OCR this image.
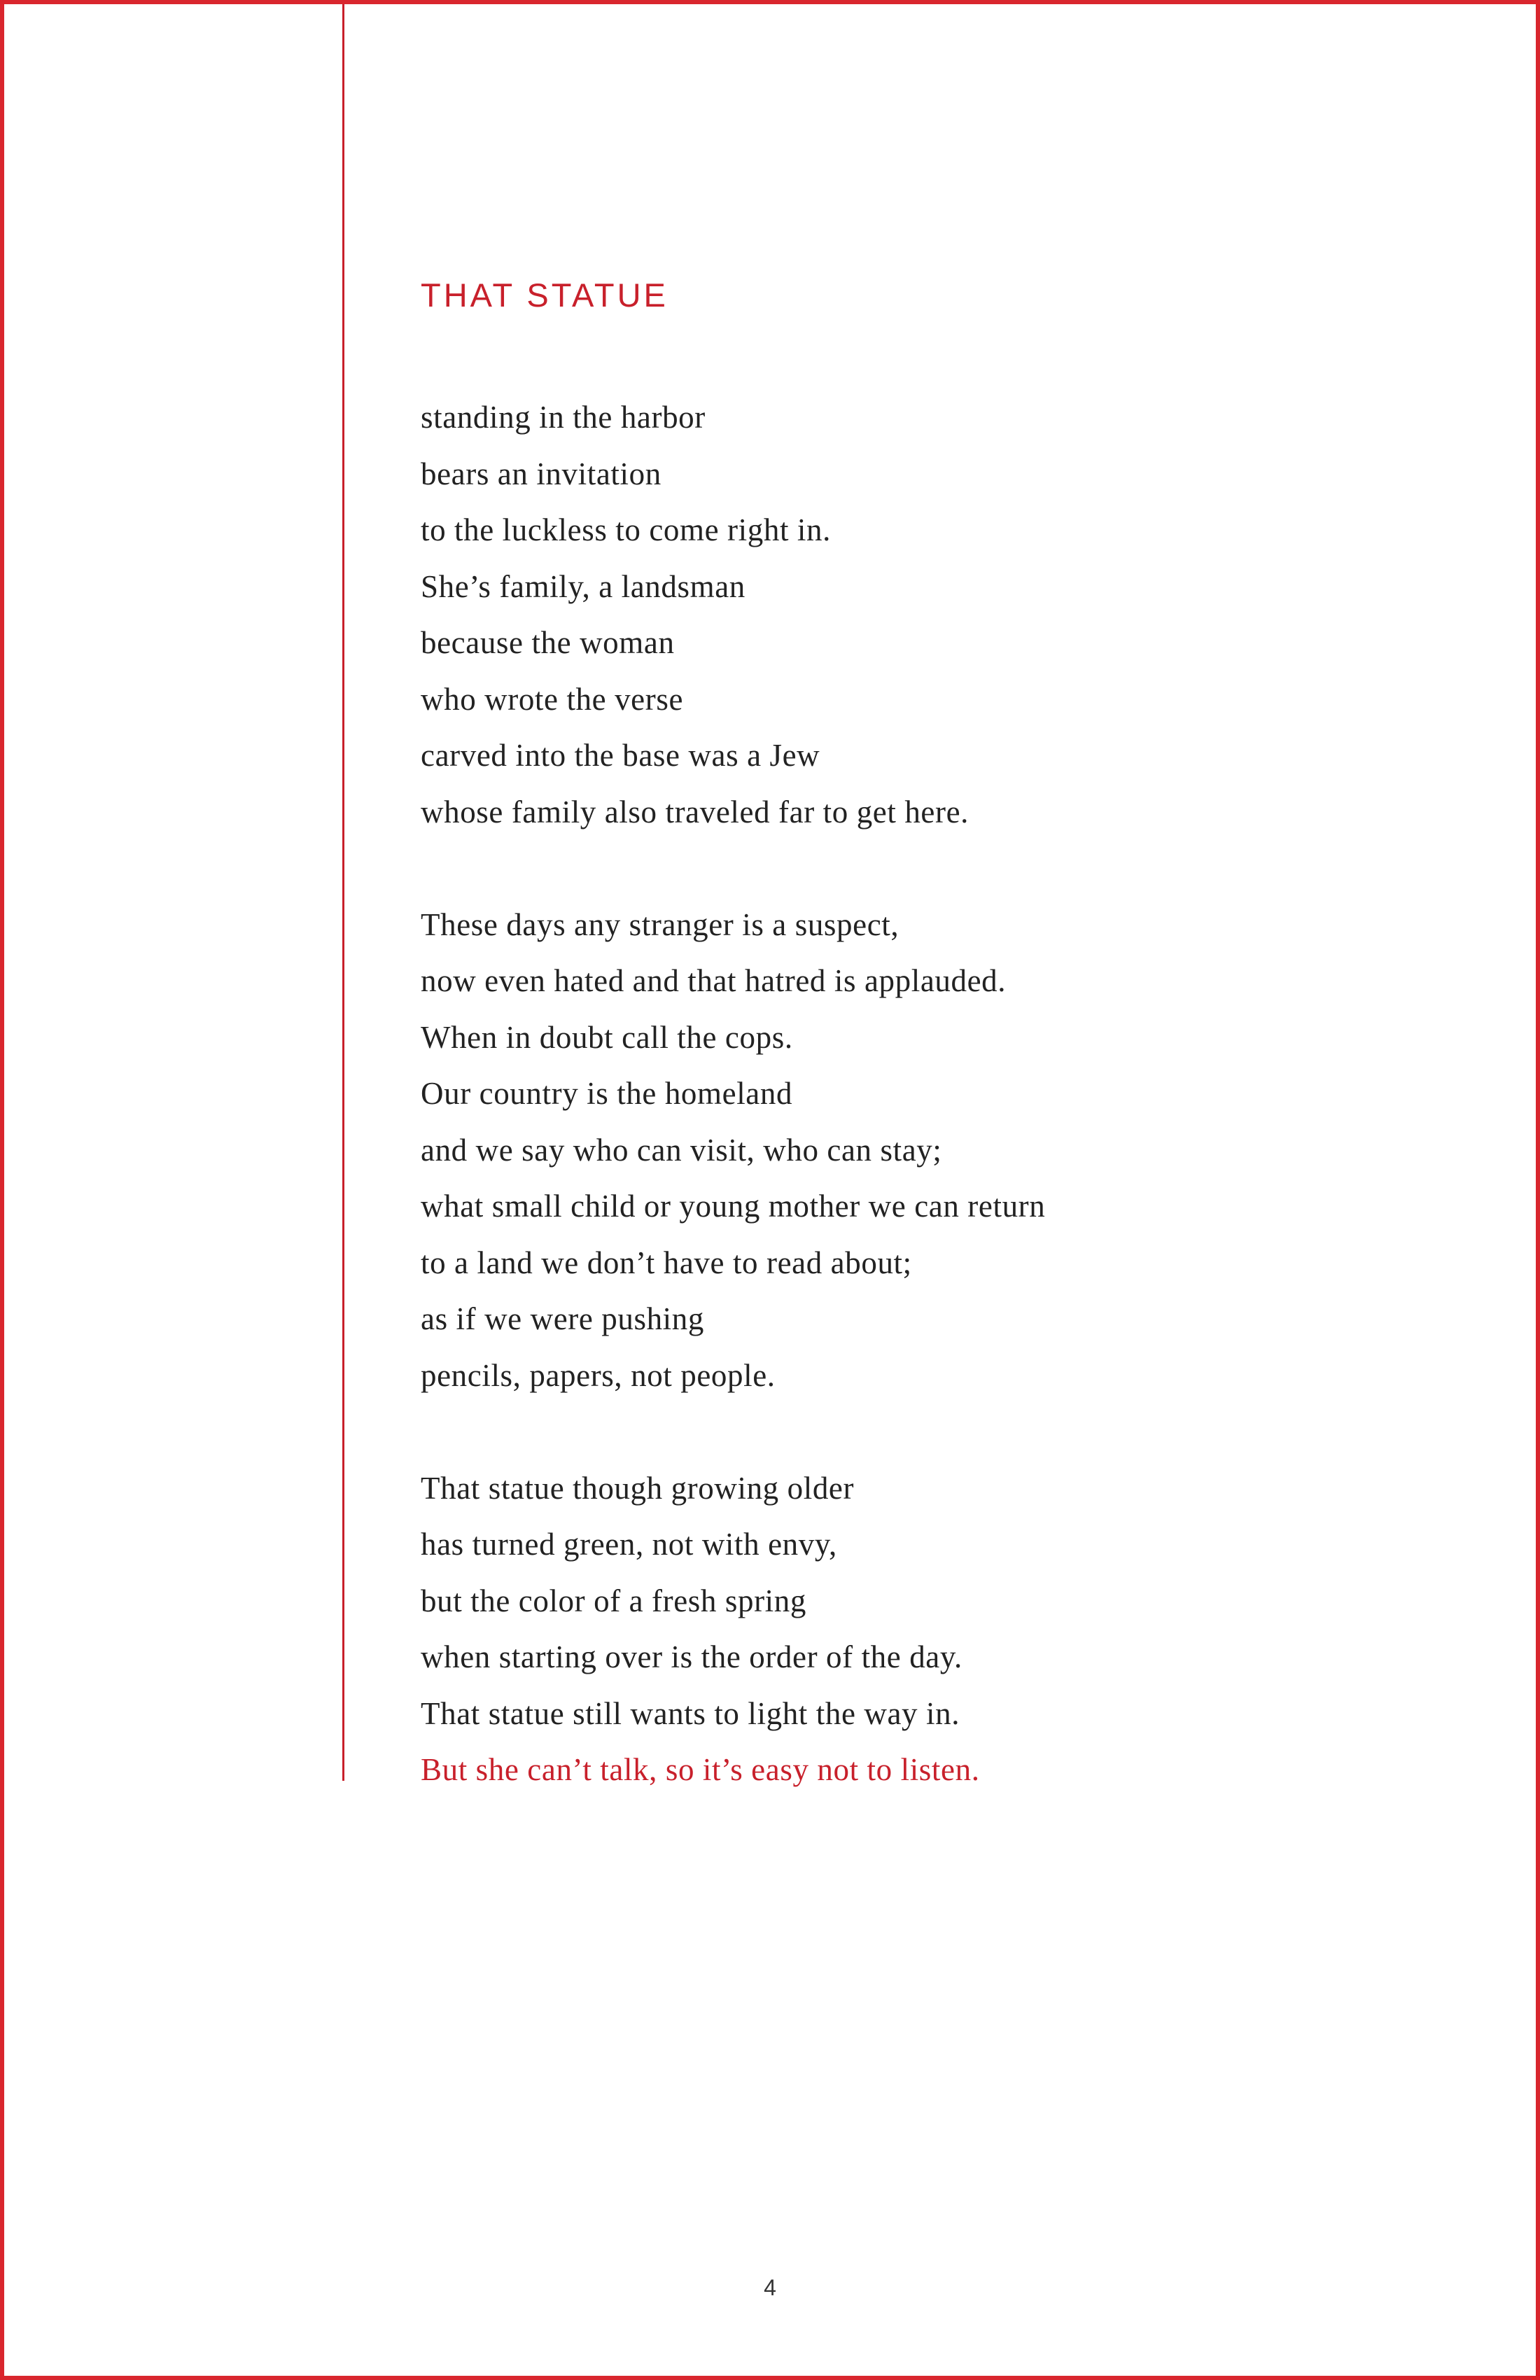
THAT STATUE
standing in the harbor
bears an invitation
to the luckless to come right in.
She’s family, a landsman
because the woman
who wrote the verse
carved into the base was a Jew
whose family also traveled far to get here.
These days any stranger is a suspect,
now even hated and that hatred is applauded.
When in doubt call the cops.
Our country is the homeland
and we say who can visit, who can stay;
what small child or young mother we can return
to a land we don’t have to read about;
as if we were pushing
pencils, papers, not people.
That statue though growing older
has turned green, not with envy,
but the color of a fresh spring
when starting over is the order of the day.
That statue still wants to light the way in.
But she can’t talk, so it’s easy not to listen.

4
